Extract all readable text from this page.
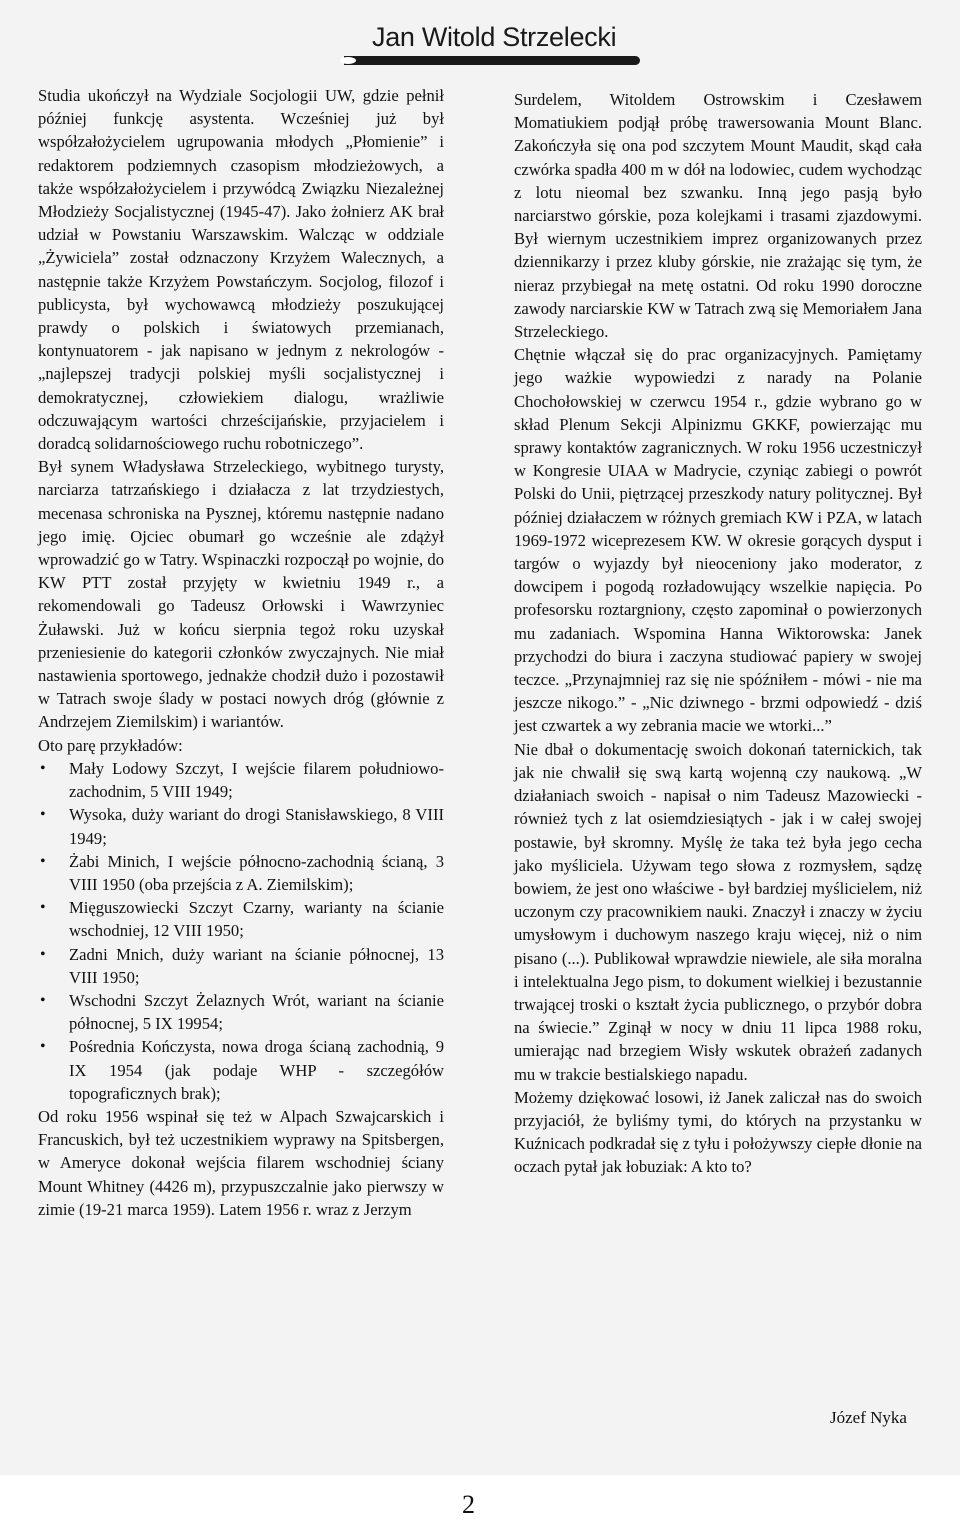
Jan Witold Strzelecki

Studia ukończył na Wydziale Socjologii UW, gdzie pełnił później funkcję asystenta. Wcześniej już był współzałożycielem ugrupowania młodych „Płomienie” i redaktorem podziemnych czasopism młodzieżowych, a także współzałożycielem i przywódcą Związku Niezależnej Młodzieży Socjalistycznej (1945-47). Jako żołnierz AK brał udział w Powstaniu Warszawskim. Walcząc w oddziale „Żywiciela” został odznaczony Krzyżem Walecznych, a następnie także Krzyżem Powstańczym. Socjolog, filozof i publicysta, był wychowawcą młodzieży poszukującej prawdy o polskich i światowych przemianach, kontynuatorem - jak napisano w jednym z nekrologów - „najlepszej tradycji polskiej myśli socjalistycznej i demokratycznej, człowiekiem dialogu, wrażliwie odczuwającym wartości chrześcijańskie, przyjacielem i doradcą solidarnościowego ruchu robotniczego”.

Był synem Władysława Strzeleckiego, wybitnego turysty, narciarza tatrzańskiego i działacza z lat trzydziestych, mecenasa schroniska na Pysznej, któremu następnie nadano jego imię. Ojciec obumarł go wcześnie ale zdążył wprowadzić go w Tatry. Wspinaczki rozpoczął po wojnie, do KW PTT został przyjęty w kwietniu 1949 r., a rekomendowali go Tadeusz Orłowski i Wawrzyniec Żuławski. Już w końcu sierpnia tegoż roku uzyskał przeniesienie do kategorii członków zwyczajnych. Nie miał nastawienia sportowego, jednakże chodził dużo i pozostawił w Tatrach swoje ślady w postaci nowych dróg (głównie z Andrzejem Ziemilskim) i wariantów.

Oto parę przykładów:

• Mały Lodowy Szczyt, I wejście filarem południowo-zachodnim, 5 VIII 1949;
• Wysoka, duży wariant do drogi Stanisławskiego, 8 VIII 1949;
• Żabi Minich, I wejście północno-zachodnią ścianą, 3 VIII 1950 (oba przejścia z A. Ziemilskim);
• Mięguszowiecki Szczyt Czarny, warianty na ścianie wschodniej, 12 VIII 1950;
• Zadni Mnich, duży wariant na ścianie północnej, 13 VIII 1950;
• Wschodni Szczyt Żelaznych Wrót, wariant na ścianie północnej, 5 IX 19954;
• Pośrednia Kończysta, nowa droga ścianą zachodnią, 9 IX 1954 (jak podaje WHP - szczegółów topograficznych brak);

Od roku 1956 wspinał się też w Alpach Szwajcarskich i Francuskich, był też uczestnikiem wyprawy na Spitsbergen, w Ameryce dokonał wejścia filarem wschodniej ściany Mount Whitney (4426 m), przypuszczalnie jako pierwszy w zimie (19-21 marca 1959). Latem 1956 r. wraz z Jerzym

Surdelem, Witoldem Ostrowskim i Czesławem Momatiukiem podjął próbę trawersowania Mount Blanc. Zakończyła się ona pod szczytem Mount Maudit, skąd cała czwórka spadła 400 m w dół na lodowiec, cudem wychodząc z lotu nieomal bez szwanku. Inną jego pasją było narciarstwo górskie, poza kolejkami i trasami zjazdowymi. Był wiernym uczestnikiem imprez organizowanych przez dziennikarzy i przez kluby górskie, nie zrażając się tym, że nieraz przybiegał na metę ostatni. Od roku 1990 doroczne zawody narciarskie KW w Tatrach zwą się Memoriałem Jana Strzeleckiego.

Chętnie włączał się do prac organizacyjnych. Pamiętamy jego ważkie wypowiedzi z narady na Polanie Chochołowskiej w czerwcu 1954 r., gdzie wybrano go w skład Plenum Sekcji Alpinizmu GKKF, powierzając mu sprawy kontaktów zagranicznych. W roku 1956 uczestniczył w Kongresie UIAA w Madrycie, czyniąc zabiegi o powrót Polski do Unii, piętrzącej przeszkody natury politycznej. Był później działaczem w różnych gremiach KW i PZA, w latach 1969-1972 wiceprezesem KW. W okresie gorących dysput i targów o wyjazdy był nieoceniony jako moderator, z dowcipem i pogodą rozładowujący wszelkie napięcia. Po profesorsku roztargniony, często zapominał o powierzonych mu zadaniach. Wspomina Hanna Wiktorowska: Janek przychodzi do biura i zaczyna studiować papiery w swojej teczce. „Przynajmniej raz się nie spóźniłem - mówi - nie ma jeszcze nikogo.” - „Nic dziwnego - brzmi odpowiedź - dziś jest czwartek a wy zebrania macie we wtorki...”

Nie dbał o dokumentację swoich dokonań taternickich, tak jak nie chwalił się swą kartą wojenną czy naukową. „W działaniach swoich - napisał o nim Tadeusz Mazowiecki - również tych z lat osiemdziesiątych - jak i w całej swojej postawie, był skromny. Myślę że taka też była jego cecha jako myśliciela. Używam tego słowa z rozmysłem, sądzę bowiem, że jest ono właściwe - był bardziej myślicielem, niż uczonym czy pracownikiem nauki. Znaczył i znaczy w życiu umysłowym i duchowym naszego kraju więcej, niż o nim pisano (...). Publikował wprawdzie niewiele, ale siła moralna i intelektualna Jego pism, to dokument wielkiej i bezustannie trwającej troski o kształt życia publicznego, o przybór dobra na świecie.” Zginął w nocy w dniu 11 lipca 1988 roku, umierając nad brzegiem Wisły wskutek obrażeń zadanych mu w trakcie bestialskiego napadu.

Możemy dziękować losowi, iż Janek zaliczał nas do swoich przyjaciół, że byliśmy tymi, do których na przystanku w Kuźnicach podkradał się z tyłu i położywszy ciepłe dłonie na oczach pytał jak łobuziak: A kto to?

Józef Nyka
2
